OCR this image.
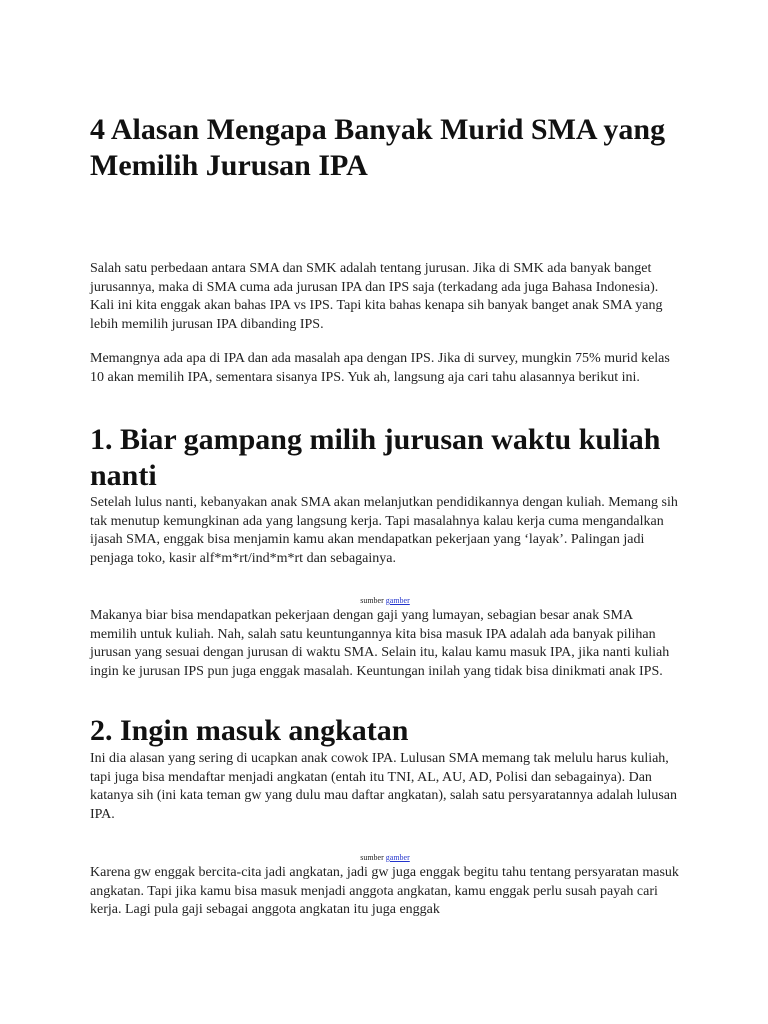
4 Alasan Mengapa Banyak Murid SMA yang Memilih Jurusan IPA

Salah satu perbedaan antara SMA dan SMK adalah tentang jurusan. Jika di SMK ada banyak banget jurusannya, maka di SMA cuma ada jurusan IPA dan IPS saja (terkadang ada juga Bahasa Indonesia). Kali ini kita enggak akan bahas IPA vs IPS. Tapi kita bahas kenapa sih banyak banget anak SMA yang lebih memilih jurusan IPA dibanding IPS.

Memangnya ada apa di IPA dan ada masalah apa dengan IPS. Jika di survey, mungkin 75% murid kelas 10 akan memilih IPA, sementara sisanya IPS. Yuk ah, langsung aja cari tahu alasannya berikut ini.

1. Biar gampang milih jurusan waktu kuliah nanti

Setelah lulus nanti, kebanyakan anak SMA akan melanjutkan pendidikannya dengan kuliah. Memang sih tak menutup kemungkinan ada yang langsung kerja. Tapi masalahnya kalau kerja cuma mengandalkan ijasah SMA, enggak bisa menjamin kamu akan mendapatkan pekerjaan yang ‘layak’. Palingan jadi penjaga toko, kasir alf*m*rt/ind*m*rt dan sebagainya.

sumber gamber

Makanya biar bisa mendapatkan pekerjaan dengan gaji yang lumayan, sebagian besar anak SMA memilih untuk kuliah. Nah, salah satu keuntungannya kita bisa masuk IPA adalah ada banyak pilihan jurusan yang sesuai dengan jurusan di waktu SMA. Selain itu, kalau kamu masuk IPA, jika nanti kuliah ingin ke jurusan IPS pun juga enggak masalah. Keuntungan inilah yang tidak bisa dinikmati anak IPS.

2. Ingin masuk angkatan

Ini dia alasan yang sering di ucapkan anak cowok IPA. Lulusan SMA memang tak melulu harus kuliah, tapi juga bisa mendaftar menjadi angkatan (entah itu TNI, AL, AU, AD, Polisi dan sebagainya). Dan katanya sih (ini kata teman gw yang dulu mau daftar angkatan), salah satu persyaratannya adalah lulusan IPA.

sumber gamber

Karena gw enggak bercita-cita jadi angkatan, jadi gw juga enggak begitu tahu tentang persyaratan masuk angkatan. Tapi jika kamu bisa masuk menjadi anggota angkatan, kamu enggak perlu susah payah cari kerja. Lagi pula gaji sebagai anggota angkatan itu juga enggak
